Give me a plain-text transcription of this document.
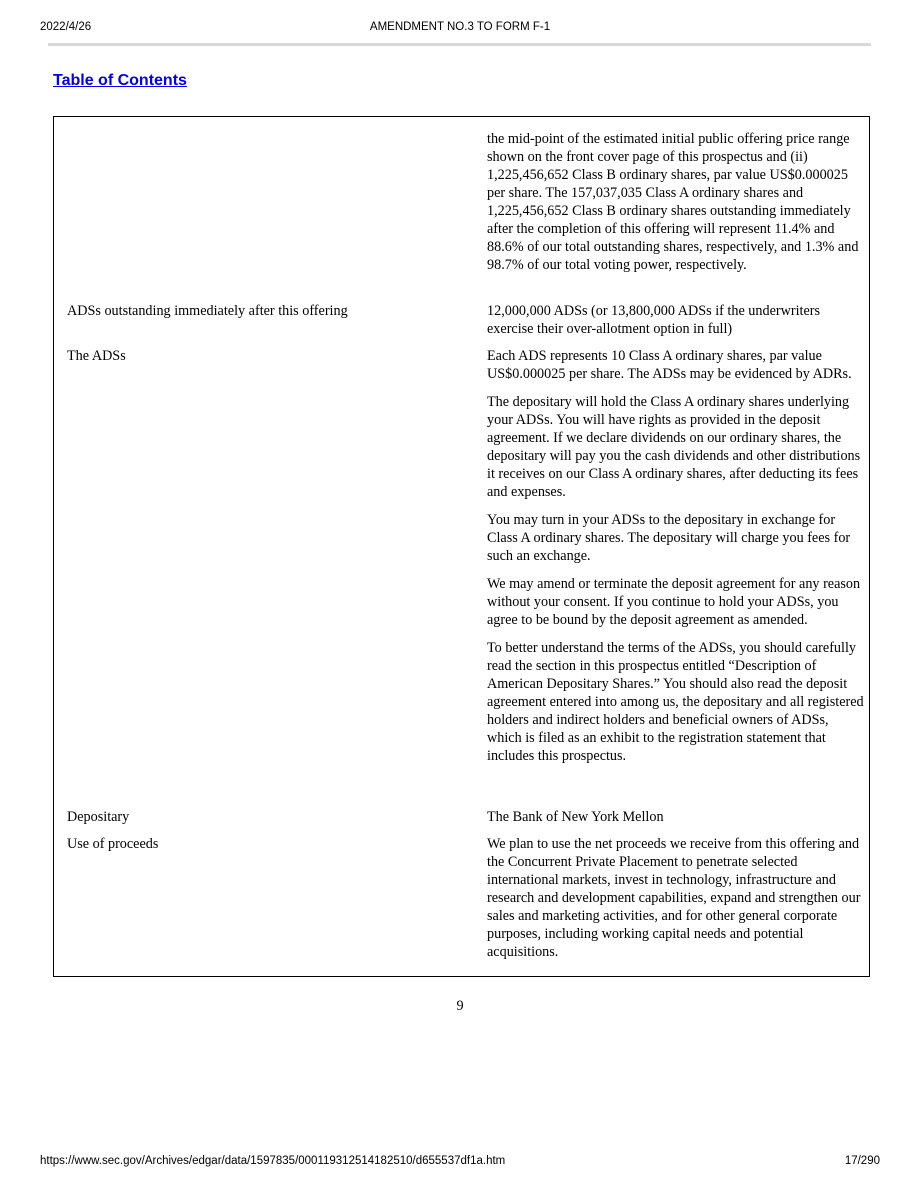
2022/4/26	AMENDMENT NO.3 TO FORM F-1
Table of Contents

the mid-point of the estimated initial public offering price range shown on the front cover page of this prospectus and (ii) 1,225,456,652 Class B ordinary shares, par value US$0.000025 per share. The 157,037,035 Class A ordinary shares and 1,225,456,652 Class B ordinary shares outstanding immediately after the completion of this offering will represent 11.4% and 88.6% of our total outstanding shares, respectively, and 1.3% and 98.7% of our total voting power, respectively.

ADSs outstanding immediately after this offering	12,000,000 ADSs (or 13,800,000 ADSs if the underwriters exercise their over-allotment option in full)

The ADSs	Each ADS represents 10 Class A ordinary shares, par value US$0.000025 per share. The ADSs may be evidenced by ADRs.

The depositary will hold the Class A ordinary shares underlying your ADSs. You will have rights as provided in the deposit agreement. If we declare dividends on our ordinary shares, the depositary will pay you the cash dividends and other distributions it receives on our Class A ordinary shares, after deducting its fees and expenses.

You may turn in your ADSs to the depositary in exchange for Class A ordinary shares. The depositary will charge you fees for such an exchange.

We may amend or terminate the deposit agreement for any reason without your consent. If you continue to hold your ADSs, you agree to be bound by the deposit agreement as amended.

To better understand the terms of the ADSs, you should carefully read the section in this prospectus entitled “Description of American Depositary Shares.” You should also read the deposit agreement entered into among us, the depositary and all registered holders and indirect holders and beneficial owners of ADSs, which is filed as an exhibit to the registration statement that includes this prospectus.

Depositary	The Bank of New York Mellon

Use of proceeds	We plan to use the net proceeds we receive from this offering and the Concurrent Private Placement to penetrate selected international markets, invest in technology, infrastructure and research and development capabilities, expand and strengthen our sales and marketing activities, and for other general corporate purposes, including working capital needs and potential acquisitions.

9
https://www.sec.gov/Archives/edgar/data/1597835/000119312514182510/d655537df1a.htm	17/290
